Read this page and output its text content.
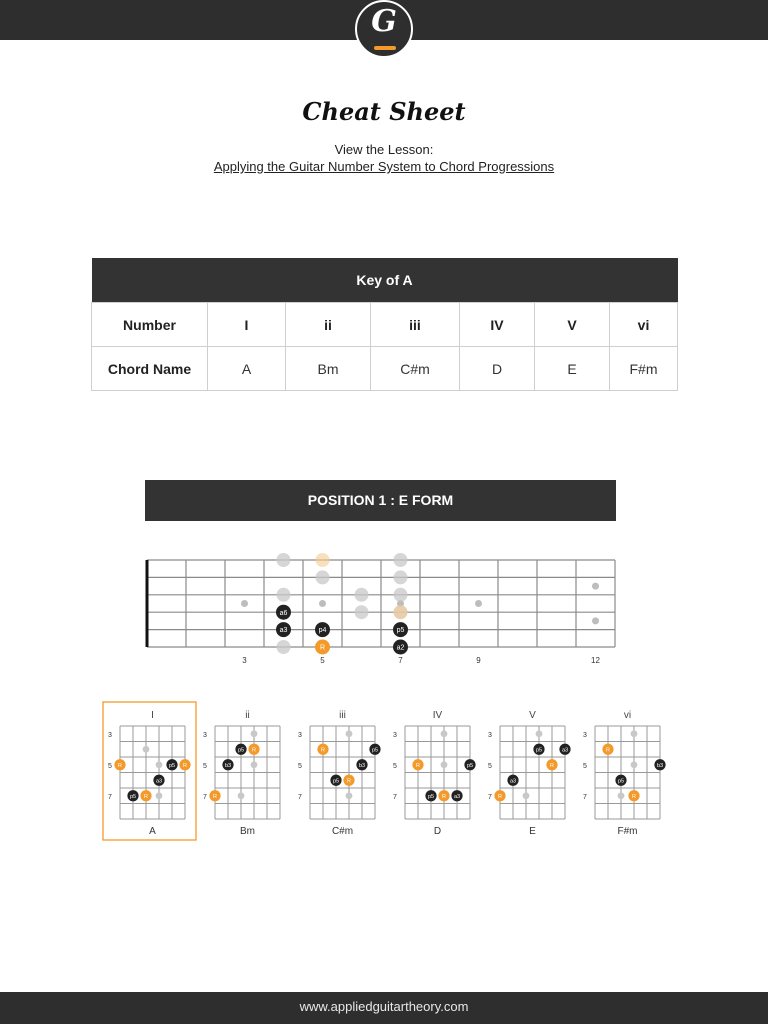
G
Cheat Sheet
View the Lesson:
Applying the Guitar Number System to Chord Progressions
Key of A						
Number	I	ii	iii	IV	V	vi
Chord Name	A	Bm	C#m	D	E	F#m
POSITION 1 : E FORM
a6
a3	p4
R
p5
a2
3	5	7	9	12
I
3
5
7
R	p5 R
a3
p5 R
A
ii
3
5
7
p5 R
b3
R
Bm
iii
3
5
7
R	p5
b3
p5 R
C#m
IV
3
5
7
R	p5
p5 R a3
D
V
3
5
7
p5	a3
R
a3
R
E
vi
3
5
7
R
b3
p5
R
F#m
www.appliedguitartheory.com
